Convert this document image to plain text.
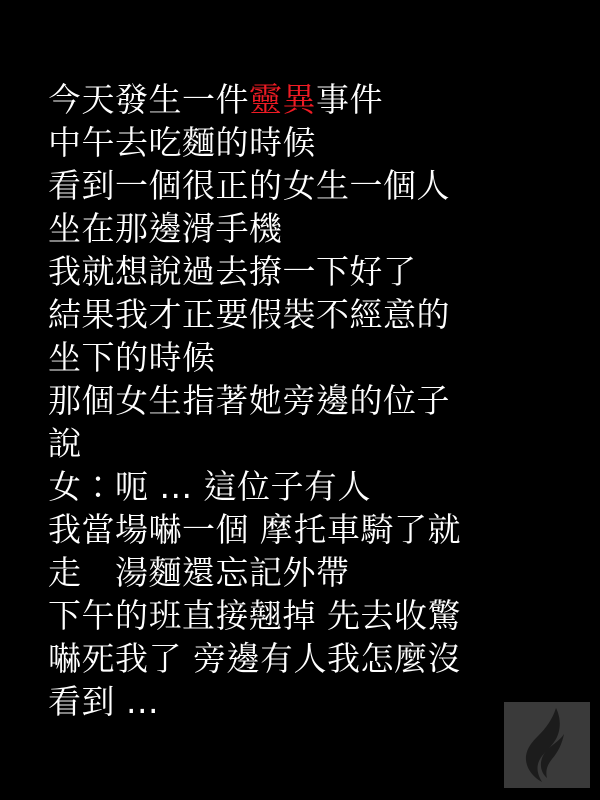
今天發生一件靈異事件
中午去吃麵的時候
看到一個很正的女生一個人
坐在那邊滑手機
我就想說過去撩一下好了
結果我才正要假裝不經意的
坐下的時候
那個女生指著她旁邊的位子
說
女：呃 ... 這位子有人
我當場嚇一個 摩托車騎了就
走　湯麵還忘記外帶
下午的班直接翹掉 先去收驚
嚇死我了 旁邊有人我怎麼沒
看到 ...
